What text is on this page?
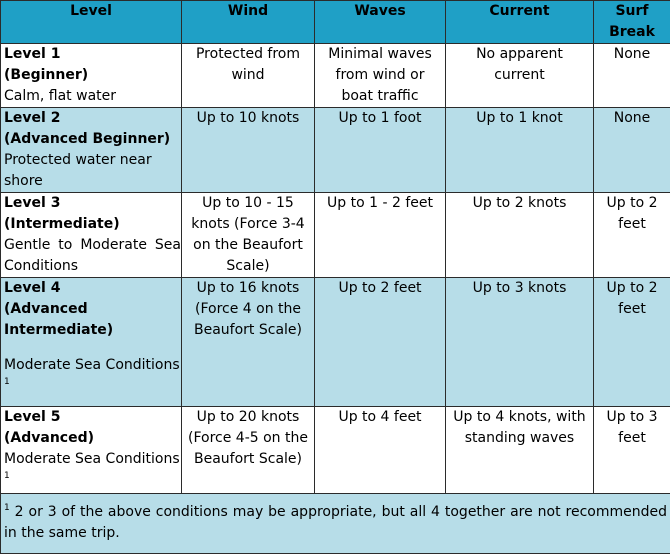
Level	Wind	Waves	Current	Surf Break

Level 1
(Beginner)
Calm, flat water	Protected from wind	Minimal waves from wind or boat traffic	No apparent current	None

Level 2
(Advanced Beginner)
Protected water near shore	Up to 10 knots	Up to 1 foot	Up to 1 knot	None

Level 3
(Intermediate)
Gentle to Moderate Sea Conditions	Up to 10 - 15 knots (Force 3-4 on the Beaufort Scale)	Up to 1 - 2 feet	Up to 2 knots	Up to 2 feet

Level 4
(Advanced Intermediate)
Moderate Sea Conditions $^1$	Up to 16 knots (Force 4 on the Beaufort Scale)	Up to 2 feet	Up to 3 knots	Up to 2 feet

Level 5
(Advanced)
Moderate Sea Conditions $^1$	Up to 20 knots (Force 4-5 on the Beaufort Scale)	Up to 4 feet	Up to 4 knots, with standing waves	Up to 3 feet
$^1$ 2 or 3 of the above conditions may be appropriate, but all 4 together are not recommended in the same trip.				
